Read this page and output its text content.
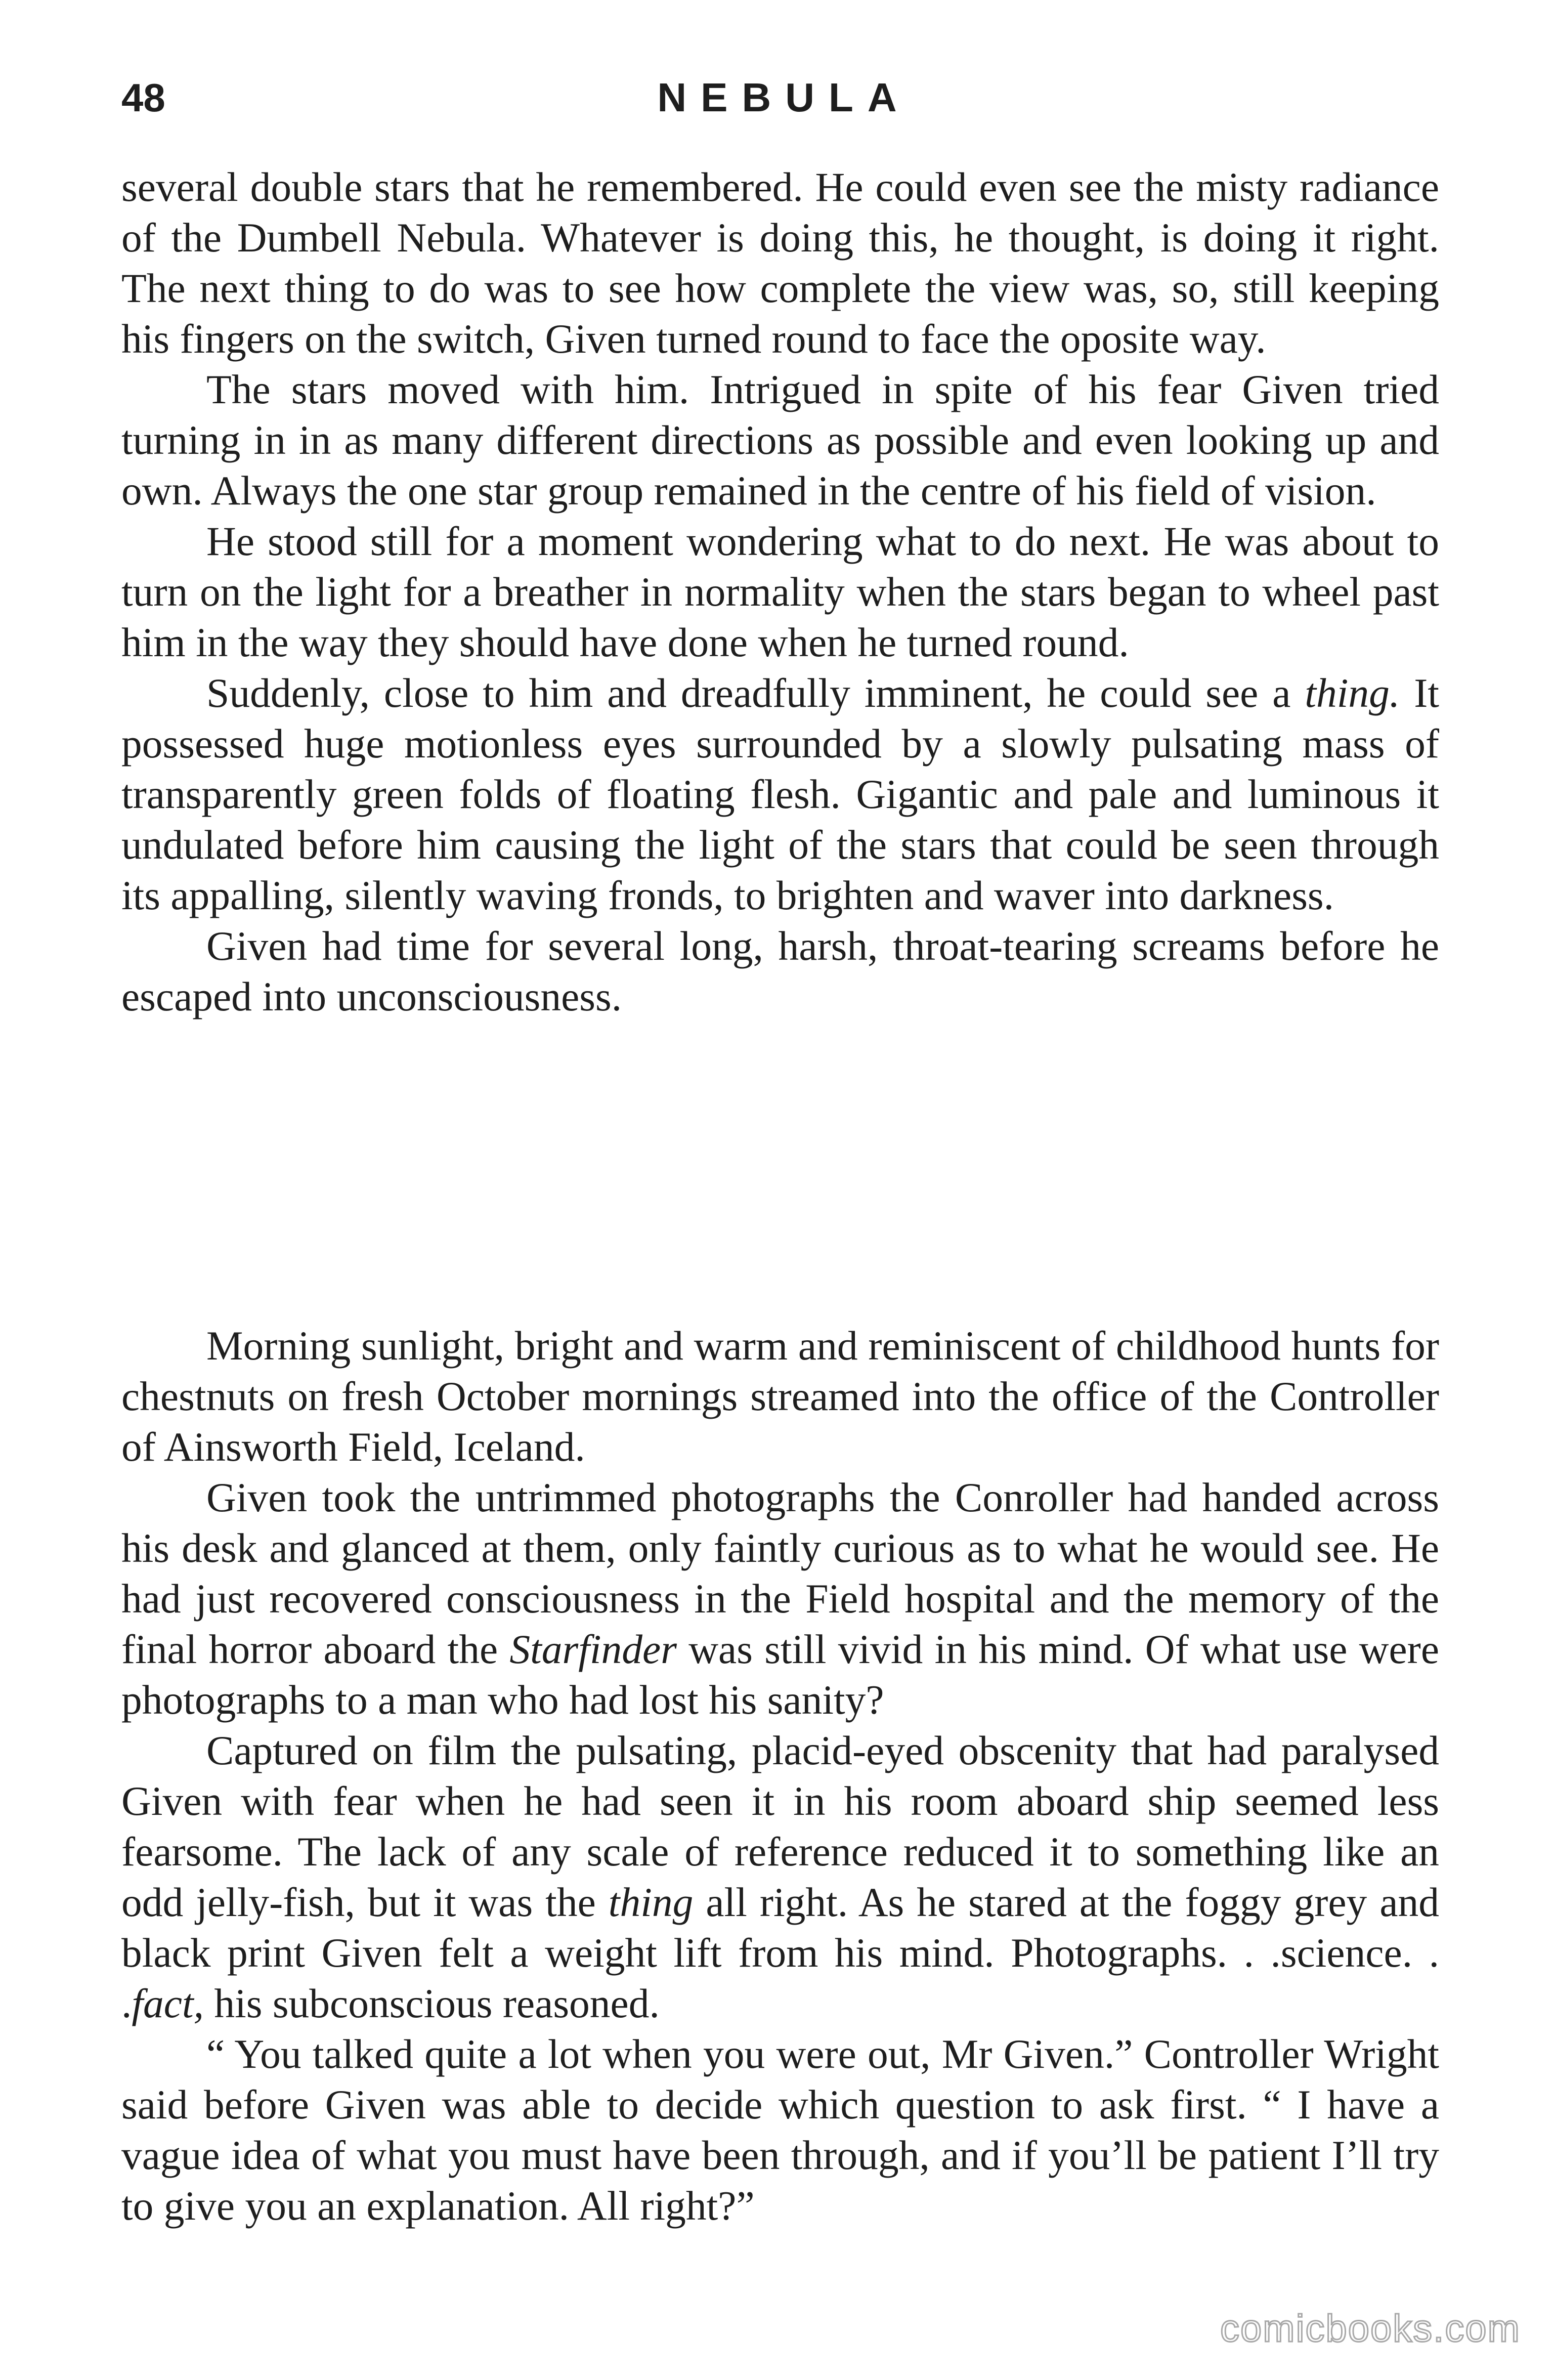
48	NEBULA

several double stars that he remembered. He could even see the misty radiance of the Dumbell Nebula. Whatever is doing this, he thought, is doing it right. The next thing to do was to see how complete the view was, so, still keeping his fingers on the switch, Given turned round to face the oposite way.

The stars moved with him. Intrigued in spite of his fear Given tried turning in in as many different directions as possible and even looking up and own. Always the one star group remained in the centre of his field of vision.

He stood still for a moment wondering what to do next. He was about to turn on the light for a breather in normality when the stars began to wheel past him in the way they should have done when he turned round.

Suddenly, close to him and dreadfully imminent, he could see a thing. It possessed huge motionless eyes surrounded by a slowly pulsating mass of transparently green folds of floating flesh. Gigantic and pale and luminous it undulated before him causing the light of the stars that could be seen through its appalling, silently waving fronds, to brighten and waver into darkness.

Given had time for several long, harsh, throat-tearing screams before he escaped into unconsciousness.

Morning sunlight, bright and warm and reminiscent of childhood hunts for chestnuts on fresh October mornings streamed into the office of the Controller of Ainsworth Field, Iceland.

Given took the untrimmed photographs the Conroller had handed across his desk and glanced at them, only faintly curious as to what he would see. He had just recovered consciousness in the Field hospital and the memory of the final horror aboard the Starfinder was still vivid in his mind. Of what use were photographs to a man who had lost his sanity?

Captured on film the pulsating, placid-eyed obscenity that had paralysed Given with fear when he had seen it in his room aboard ship seemed less fearsome. The lack of any scale of reference reduced it to something like an odd jelly-fish, but it was the thing all right. As he stared at the foggy grey and black print Given felt a weight lift from his mind. Photographs. . .science. . .fact, his subconscious reasoned.

“ You talked quite a lot when you were out, Mr Given.” Controller Wright said before Given was able to decide which question to ask first. “ I have a vague idea of what you must have been through, and if you’ll be patient I’ll try to give you an explanation. All right?”

comicbooks.com
